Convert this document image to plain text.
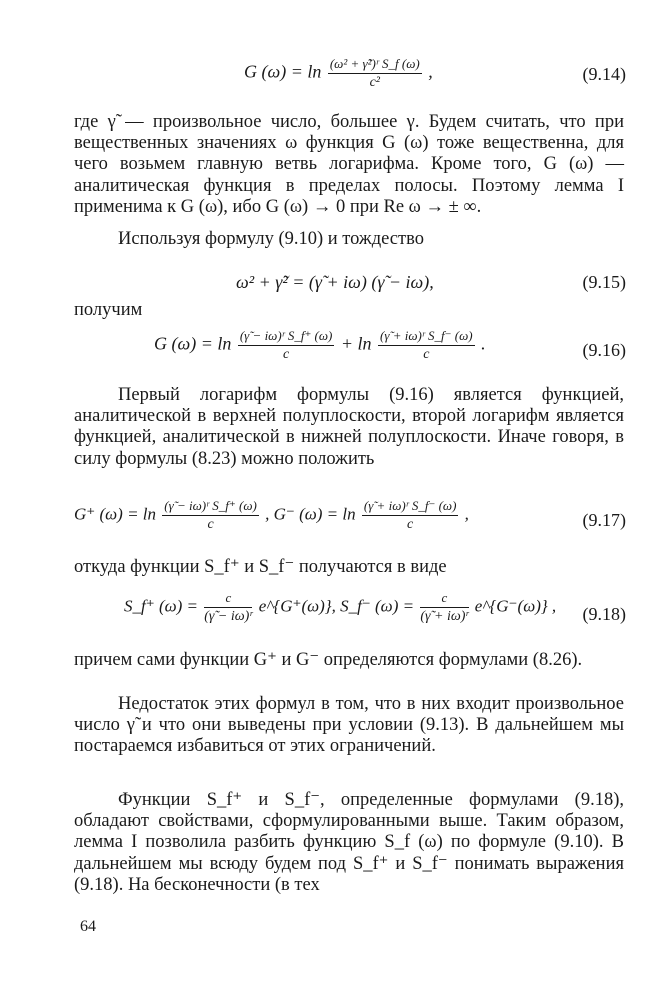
G $(\omega) = \ln \frac{\text{(ω² + γ̃²)ʳ S\_f (ω)}}{\text{c²}}$ ,	(9.14)

где γ̃ — произвольное число, большее γ. Будем считать, что при вещественных значениях ω функция G (ω) тоже вещественна, для чего возьмем главную ветвь логарифма. Кроме того, G (ω) — аналитическая функция в пределах полосы. Поэтому лемма I применима к G (ω), ибо G (ω) → 0 при Re ω → ± ∞.

Используя формулу (9.10) и тождество

ω² + γ̃² = (γ̃ + iω) (γ̃ − iω),	(9.15)
получим
G $(\omega) = \ln \frac{\text{(γ̃ − iω)ʳ S\_f⁺ (ω)}}{c} + \ln \frac{\text{(γ̃ + iω)ʳ S\_f⁻ (ω)}}{c}$ .	(9.16)

Первый логарифм формулы (9.16) является функцией, аналитической в верхней полуплоскости, второй логарифм является функцией, аналитической в нижней полуплоскости. Иначе говоря, в силу формулы (8.23) можно положить

G⁺ $(\omega) = \ln \frac{\text{(γ̃ − iω)ʳ S\_f⁺ (ω)}}{c}$ , G⁻ $(\omega) = \ln \frac{\text{(γ̃ + iω)ʳ S\_f⁻ (ω)}}{c}$ ,	(9.17)
откуда функции S_f⁺ и S_f⁻ получаются в виде
S_f⁺ $(\omega) = \frac{c}{\text{(γ̃ − iω)ʳ}}$ e^{G⁺(ω)}, S_f⁻ $(\omega) = \frac{c}{\text{(γ̃ + iω)ʳ}}$ e^{G⁻(ω)} , (9.18)

причем сами функции G⁺ и G⁻ определяются формулами (8.26).

Недостаток этих формул в том, что в них входит произвольное число γ̃ и что они выведены при условии (9.13). В дальнейшем мы постараемся избавиться от этих ограничений.

Функции S_f⁺ и S_f⁻, определенные формулами (9.18), обладают свойствами, сформулированными выше. Таким образом, лемма I позволила разбить функцию S_f (ω) по формуле (9.10). В дальнейшем мы всюду будем под S_f⁺ и S_f⁻ понимать выражения (9.18). На бесконечности (в тех

64
